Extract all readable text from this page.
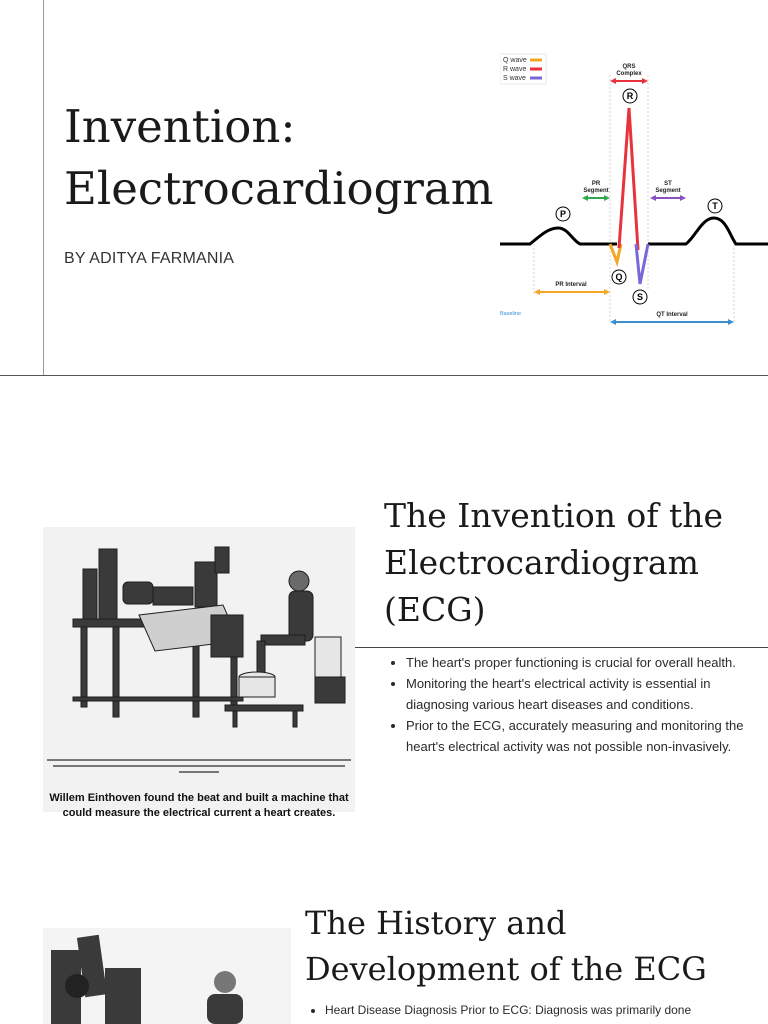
Invention:
Electrocardiogram

BY ADITYA FARMANIA

Q wave
R wave
S wave
QRS
Complex
PR
Segment
ST
Segment
P
Q
R
S
T
PR Interval
Baseline	QT Interval
Willem Einthoven found the beat and built a machine that could measure the electrical current a heart creates.
The Invention of the Electrocardiogram (ECG)
• The heart's proper functioning is crucial for overall health.
• Monitoring the heart's electrical activity is essential in diagnosing various heart diseases and conditions.
• Prior to the ECG, accurately measuring and monitoring the heart's electrical activity was not possible non-invasively.
The History and Development of the ECG
• Heart Disease Diagnosis Prior to ECG: Diagnosis was primarily done
